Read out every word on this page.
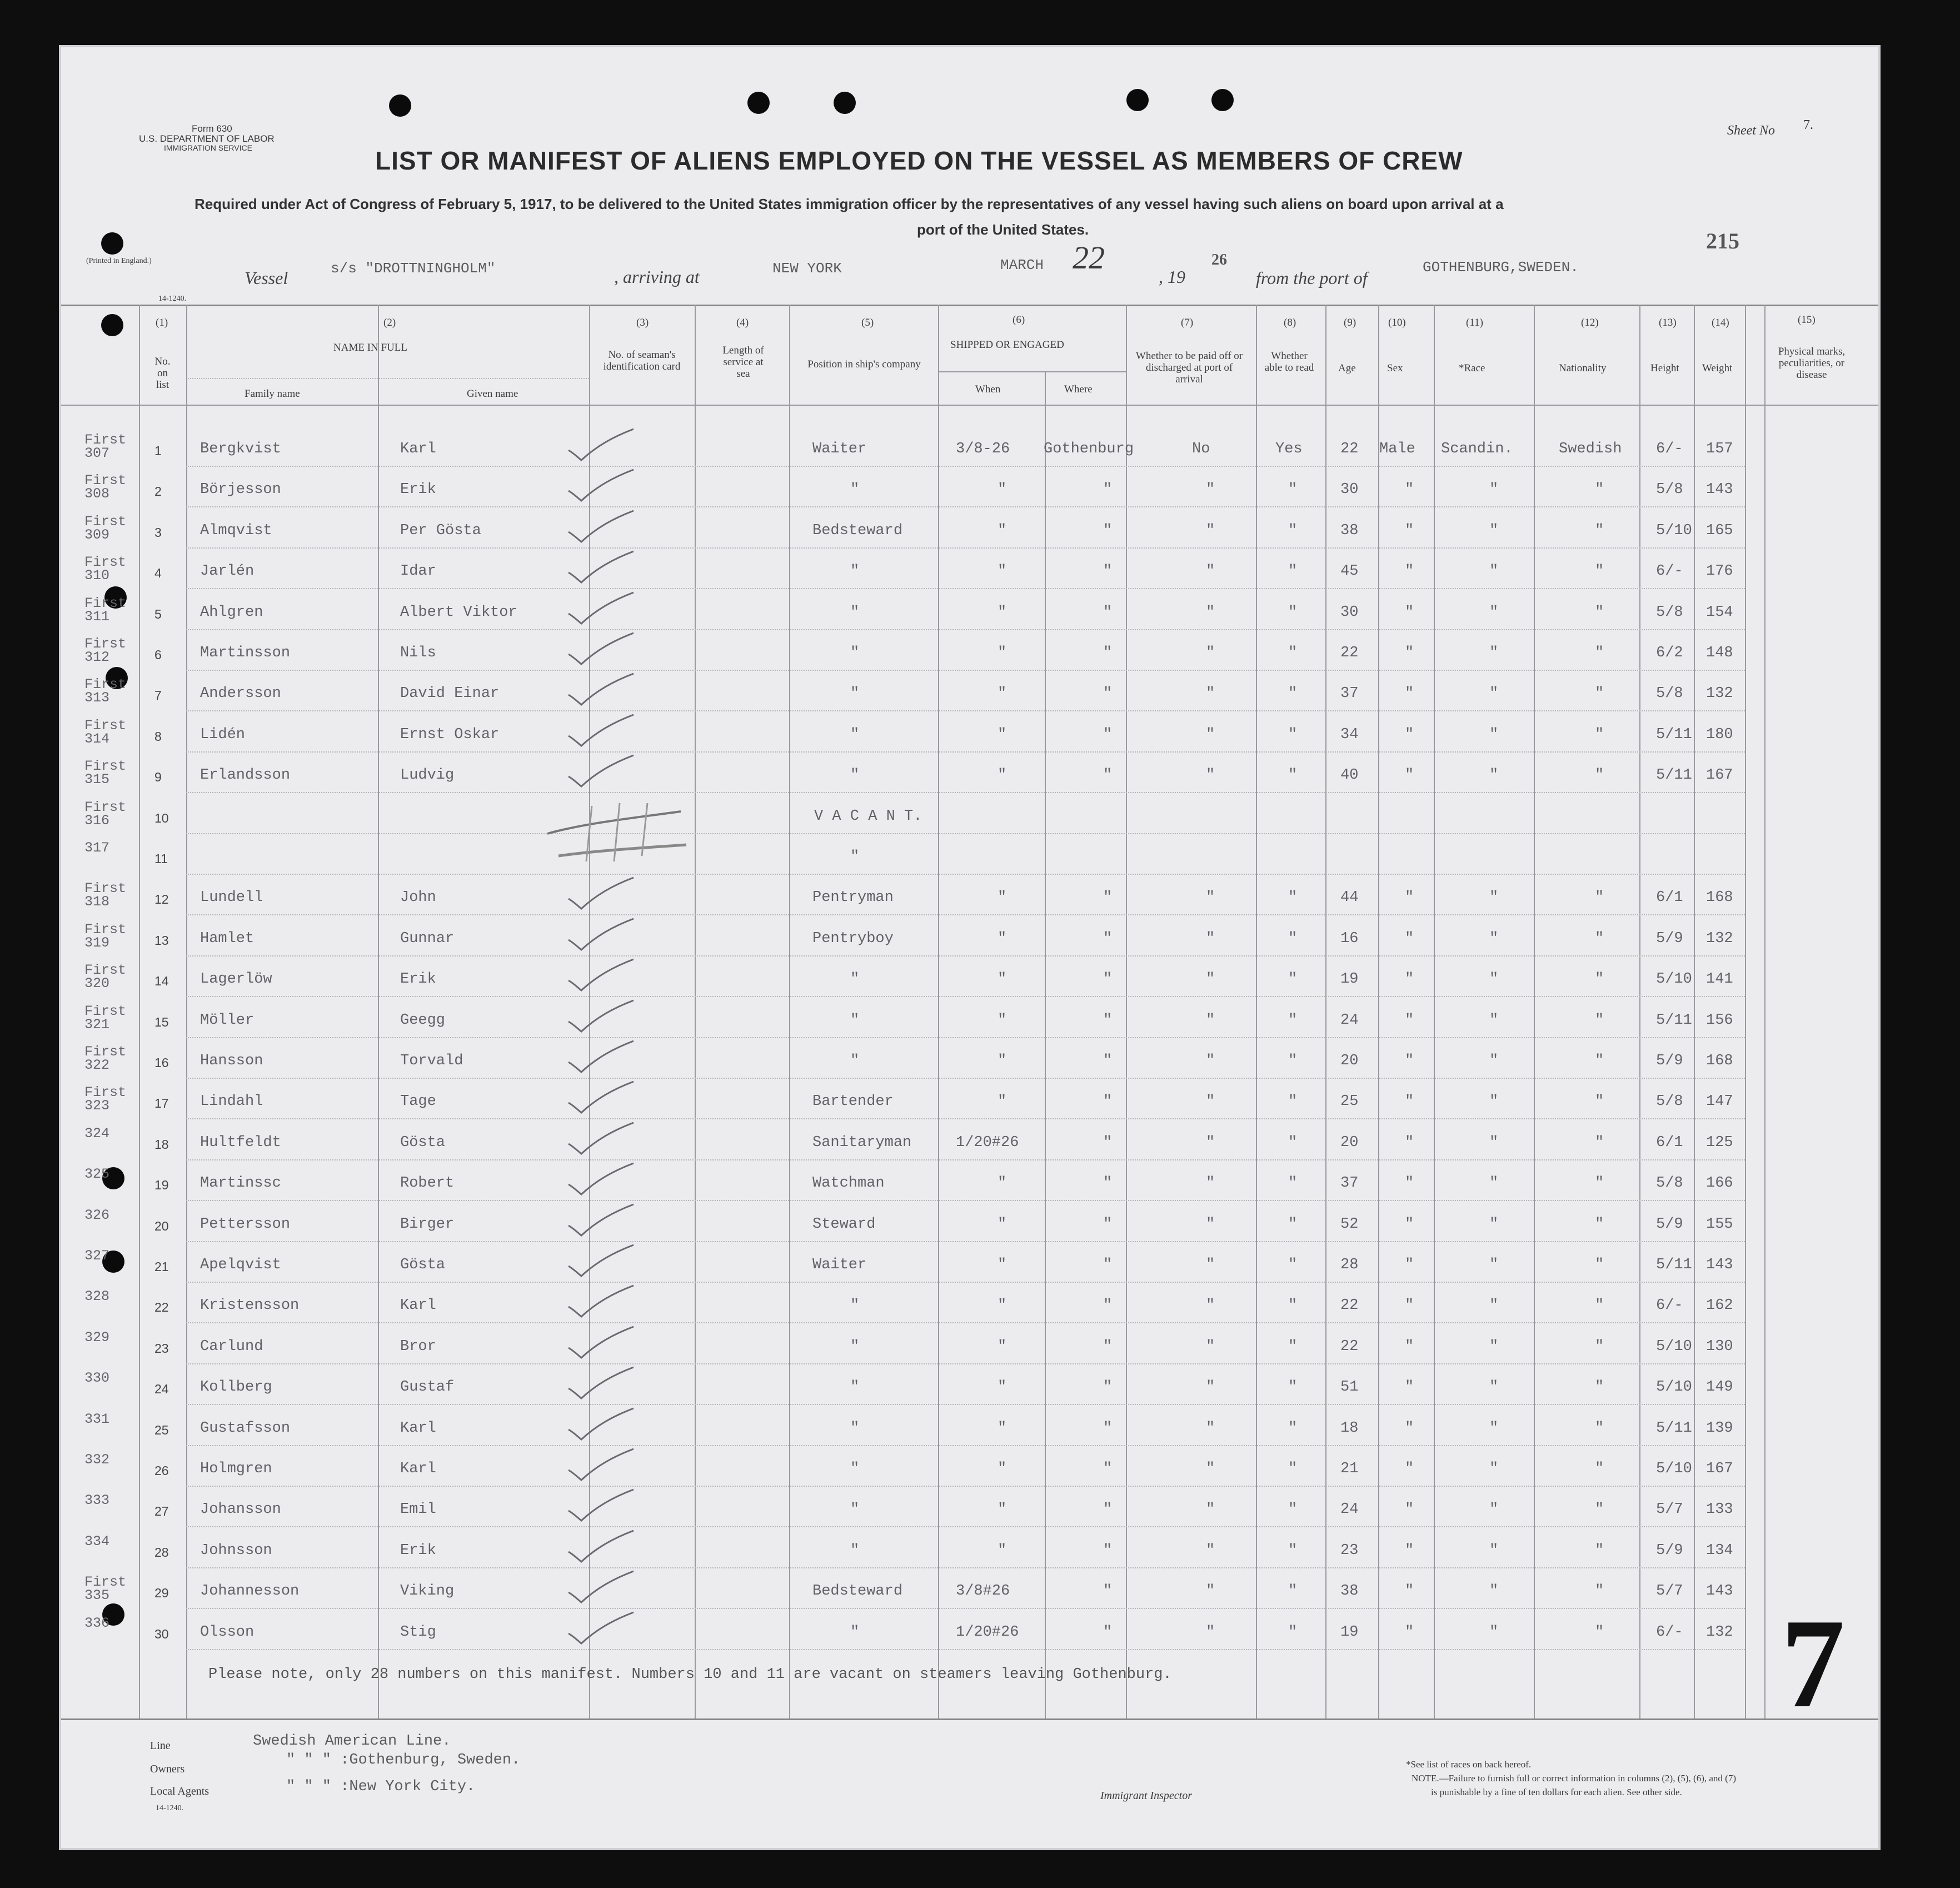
Form 630
U.S. DEPARTMENT OF LABOR
IMMIGRATION SERVICE
Sheet No 7.
LIST OR MANIFEST OF ALIENS EMPLOYED ON THE VESSEL AS MEMBERS OF CREW
Required under Act of Congress of February 5, 1917, to be delivered to the United States immigration officer by the representatives of any vessel having such aliens on board upon arrival at a
port of the United States.	215
(Printed in England.)
14-1240.
Vessel	s/s "DROTTNINGHOLM"	, arriving at	NEW YORK	MARCH 22
, 19
26
from the port of
GOTHENBURG,SWEDEN.
(1)
No. on list
(2)
NAME IN FULL
Family name	Given name
(3)
No. of seaman's identification card
(4)
Length of service at sea
(5)
Position in ship's company
(6)
SHIPPED OR ENGAGED
When	Where
(7)
Whether to be paid off or discharged at port of arrival
(8)
Whether able to read
(9)
Age
(10)
Sex
(11)
*Race
(12)
Nationality
(13)
Height
(14)
Weight
(15)
Physical marks, peculiarities, or disease
First
307	1	Bergkvist	Karl	Waiter	3/8-26 Gothenburg	No	Yes	22 Male Scandin.	Swedish 6/- 157
First
308	2	Börjesson	Erik	"	"	"	"	"	30	"	"	"	5/8 143
First
309	3	Almqvist	Per Gösta	Bedsteward	"	"	"	"	38	"	"	"	5/10 165
First
310	4	Jarlén	Idar	"	"	"	"	"	45	"	"	"	6/- 176
First
311	5	Ahlgren	Albert Viktor	"	"	"	"	"	30	"	"	"	5/8 154
First
312	6	Martinsson	Nils	"	"	"	"	"	22	"	"	"	6/2 148
First
313	7	Andersson	David Einar	"	"	"	"	"	37	"	"	"	5/8 132
First
314	8	Lidén	Ernst Oskar	"	"	"	"	"	34	"	"	"	5/11 180
First
315	9	Erlandsson	Ludvig	"	"	"	"	"	40	"	"	"	5/11 167
First
316	10	V A C A N T.
317
11	"
First
318	12 Lundell	John	Pentryman	"	"	"	"	44	"	"	"	6/1 168
First
319	13 Hamlet	Gunnar	Pentryboy	"	"	"	"	16	"	"	"	5/9 132
First
320	14 Lagerlöw	Erik	"	"	"	"	"	19	"	"	"	5/10 141
First
321	15 Möller	Geegg	"	"	"	"	"	24	"	"	"	5/11 156
First
322	16 Hansson	Torvald	"	"	"	"	"	20	"	"	"	5/9 168
First
323	17 Lindahl	Tage	Bartender	"	"	"	"	25	"	"	"	5/8 147
324
18 Hultfeldt	Gösta	Sanitaryman	1/20#26	"	"	"	20	"	"	"	6/1 125
325
19 Martinssc	Robert	Watchman	"	"	"	"	37	"	"	"	5/8 166
326
20 Pettersson	Birger	Steward	"	"	"	"	52	"	"	"	5/9 155
327
21 Apelqvist	Gösta	Waiter	"	"	"	"	28	"	"	"	5/11 143
328
22 Kristensson	Karl	"	"	"	"	"	22	"	"	"	6/- 162
329
23 Carlund	Bror	"	"	"	"	"	22	"	"	"	5/10 130
330
24 Kollberg	Gustaf	"	"	"	"	"	51	"	"	"	5/10 149
331
25 Gustafsson	Karl	"	"	"	"	"	18	"	"	"	5/11 139
332
26 Holmgren	Karl	"	"	"	"	"	21	"	"	"	5/10 167
333
27 Johansson	Emil	"	"	"	"	"	24	"	"	"	5/7 133
334
28 Johnsson	Erik	"	"	"	"	"	23	"	"	"	5/9 134
First
335	29 Johannesson	Viking	Bedsteward	3/8#26	"	"	"	38	"	"	"	5/7 143
336
30 Olsson	Stig	"	1/20#26	"	"	"	19	"	"	"	6/- 132
Please note, only 28 numbers on this manifest. Numbers 10 and 11 are vacant on steamers leaving Gothenburg.	7
Line	Swedish American Line.
Owners
" " " :Gothenburg, Sweden.
Local Agents	" " " :New York City.
14-1240.
Immigrant Inspector
*See list of races on back hereof.
NOTE.—Failure to furnish full or correct information in columns (2), (5), (6), and (7)
is punishable by a fine of ten dollars for each alien. See other side.
